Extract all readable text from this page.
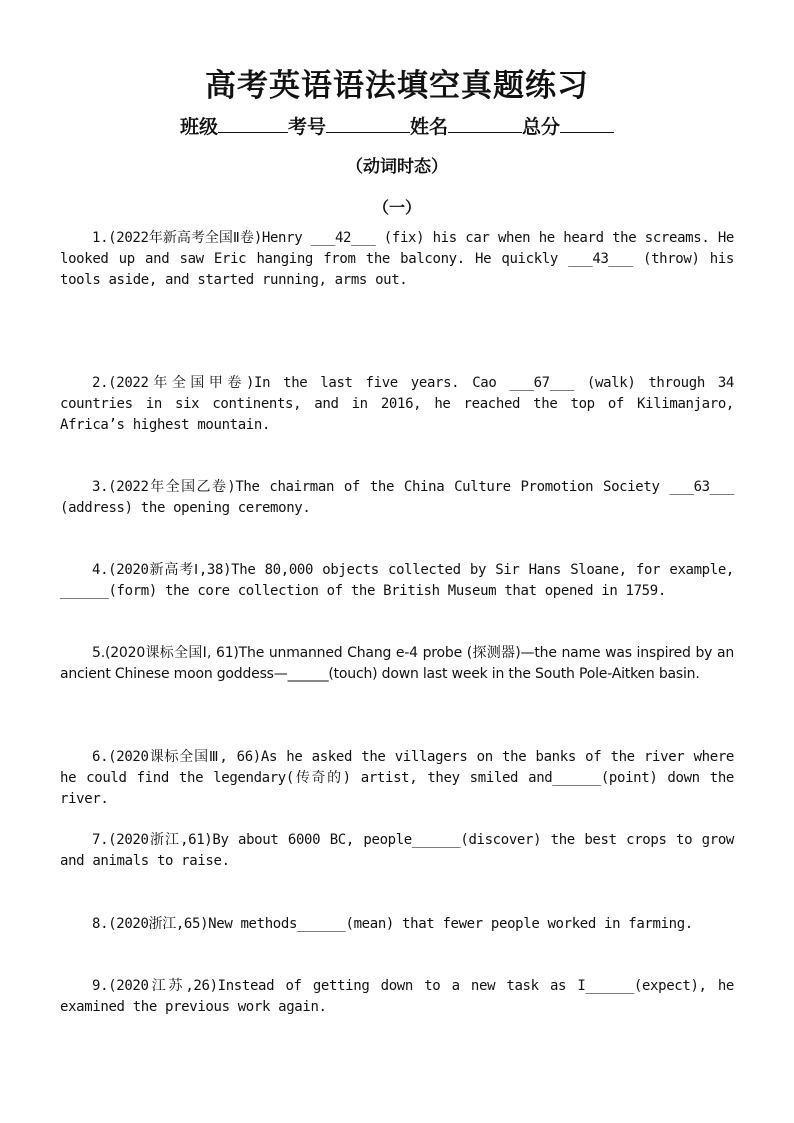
高考英语语法填空真题练习
班级	考号	姓名	总分
（动词时态）
（一）
1.(2022年新高考全国Ⅱ卷)Henry ___42___ (fix) his car when he heard the screams. He looked up and saw Eric hanging from the balcony. He quickly ___43___ (throw) his tools aside, and started running, arms out.
2.(2022年全国甲卷)In the last five years. Cao ___67___ (walk) through 34 countries in six continents, and in 2016, he reached the top of Kilimanjaro, Africa’s highest mountain.
3.(2022年全国乙卷)The chairman of the China Culture Promotion Society ___63___ (address) the opening ceremony.
4.(2020新高考Ⅰ,38)The 80,000 objects collected by Sir Hans Sloane, for example, ______(form) the core collection of the British Museum that opened in 1759.
5.(2020课标全国Ⅰ, 61)The unmanned Chang e-4 probe (探测器)—the name was inspired by an ancient Chinese moon goddess—______(touch) down last week in the South Pole-Aitken basin.
6.(2020课标全国Ⅲ, 66)As he asked the villagers on the banks of the river where he could find the legendary(传奇的) artist, they smiled and______(point) down the river.
7.(2020浙江,61)By about 6000 BC, people______(discover) the best crops to grow and animals to raise.
8.(2020浙江,65)New methods______(mean) that fewer people worked in farming.
9.(2020江苏,26)Instead of getting down to a new task as I______(expect), he examined the previous work again.
